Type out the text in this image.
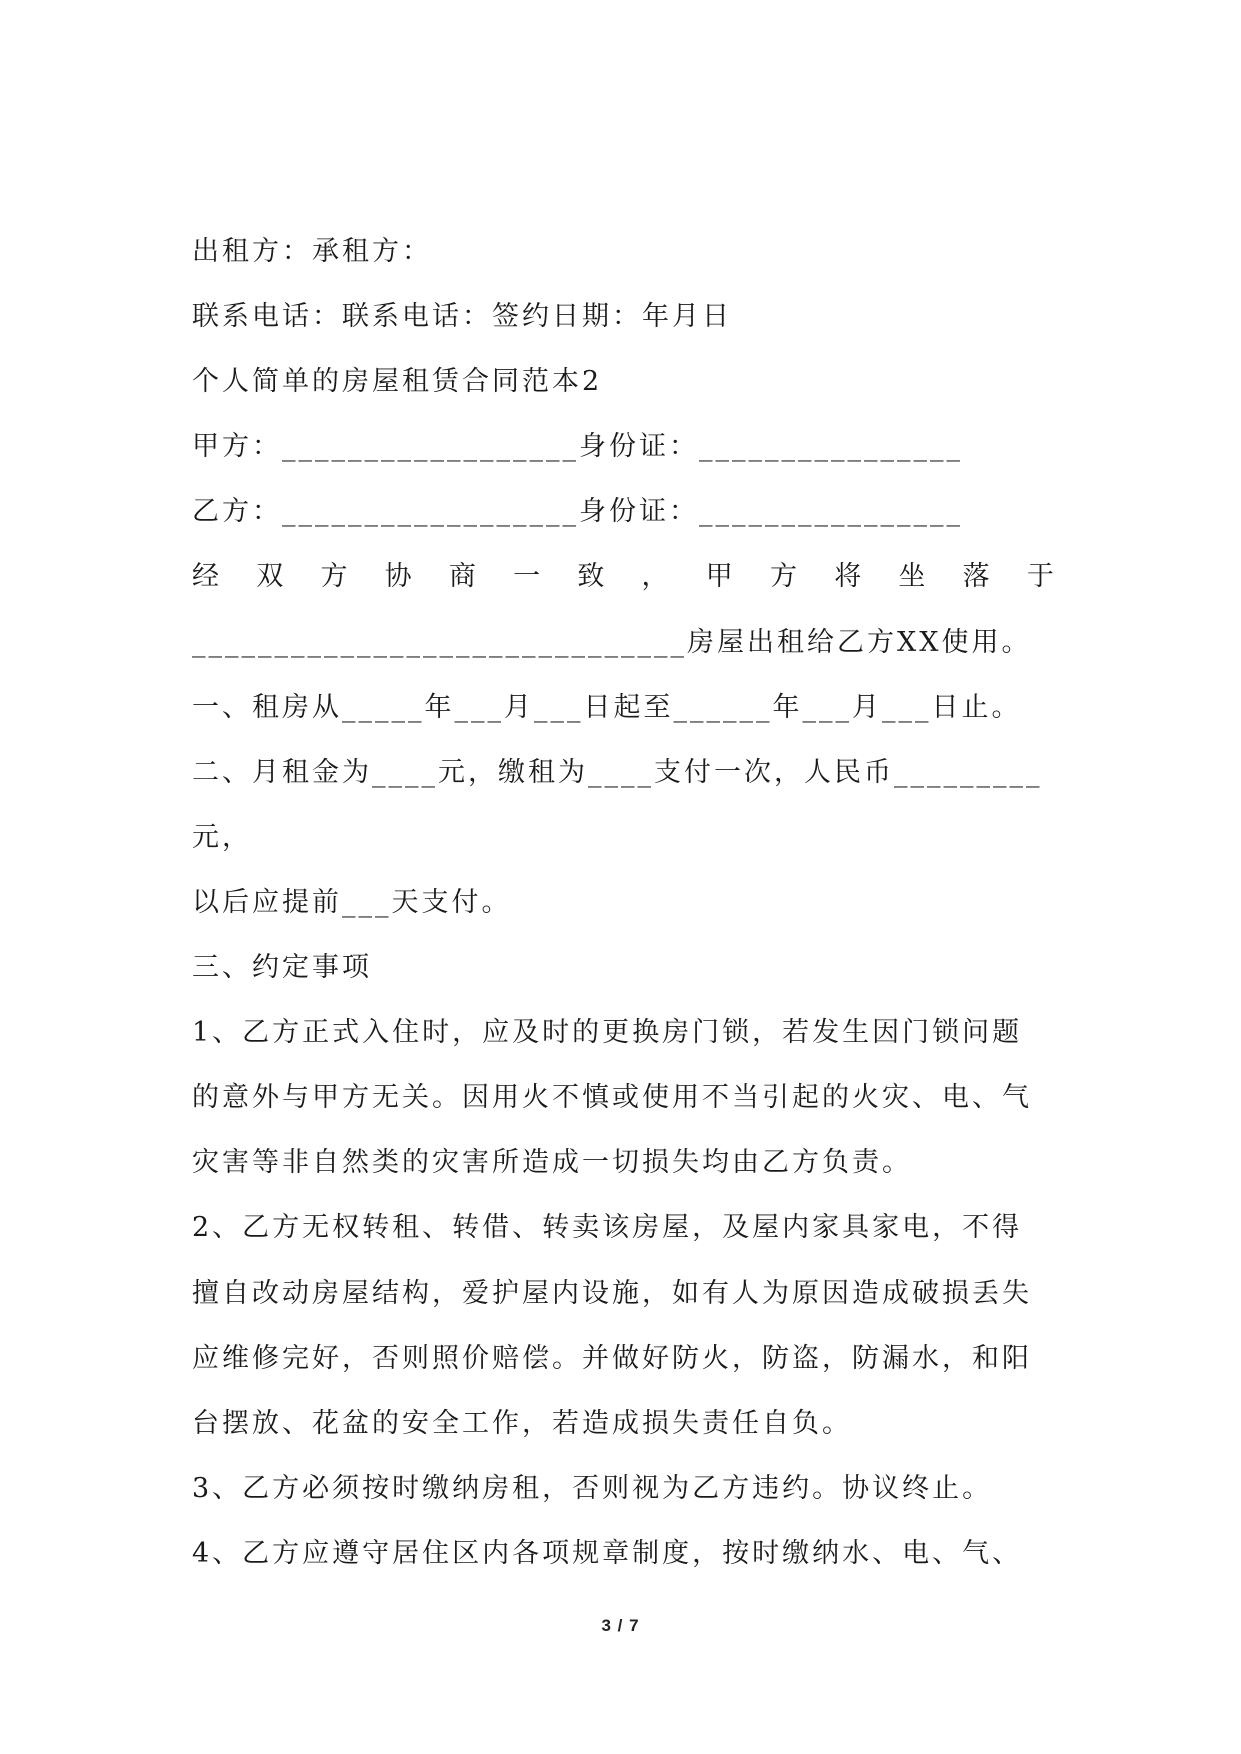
出租方：承租方：
联系电话：联系电话：签约日期：年月日
个人简单的房屋租赁合同范本2
甲方：__________________身份证：________________
乙方：__________________身份证：________________
经 双 方 协 商 一 致 ， 甲 方 将 坐 落 于
______________________________房屋出租给乙方XX使用。
一、租房从_____年___月___日起至______年___月___日止。
二、月租金为____元，缴租为____支付一次，人民币_________
元，
以后应提前___天支付。
三、约定事项
1、乙方正式入住时，应及时的更换房门锁，若发生因门锁问题
的意外与甲方无关。因用火不慎或使用不当引起的火灾、电、气
灾害等非自然类的灾害所造成一切损失均由乙方负责。
2、乙方无权转租、转借、转卖该房屋，及屋内家具家电，不得
擅自改动房屋结构，爱护屋内设施，如有人为原因造成破损丢失
应维修完好，否则照价赔偿。并做好防火，防盗，防漏水，和阳
台摆放、花盆的安全工作，若造成损失责任自负。
3、乙方必须按时缴纳房租，否则视为乙方违约。协议终止。
4、乙方应遵守居住区内各项规章制度，按时缴纳水、电、气、
3 / 7
